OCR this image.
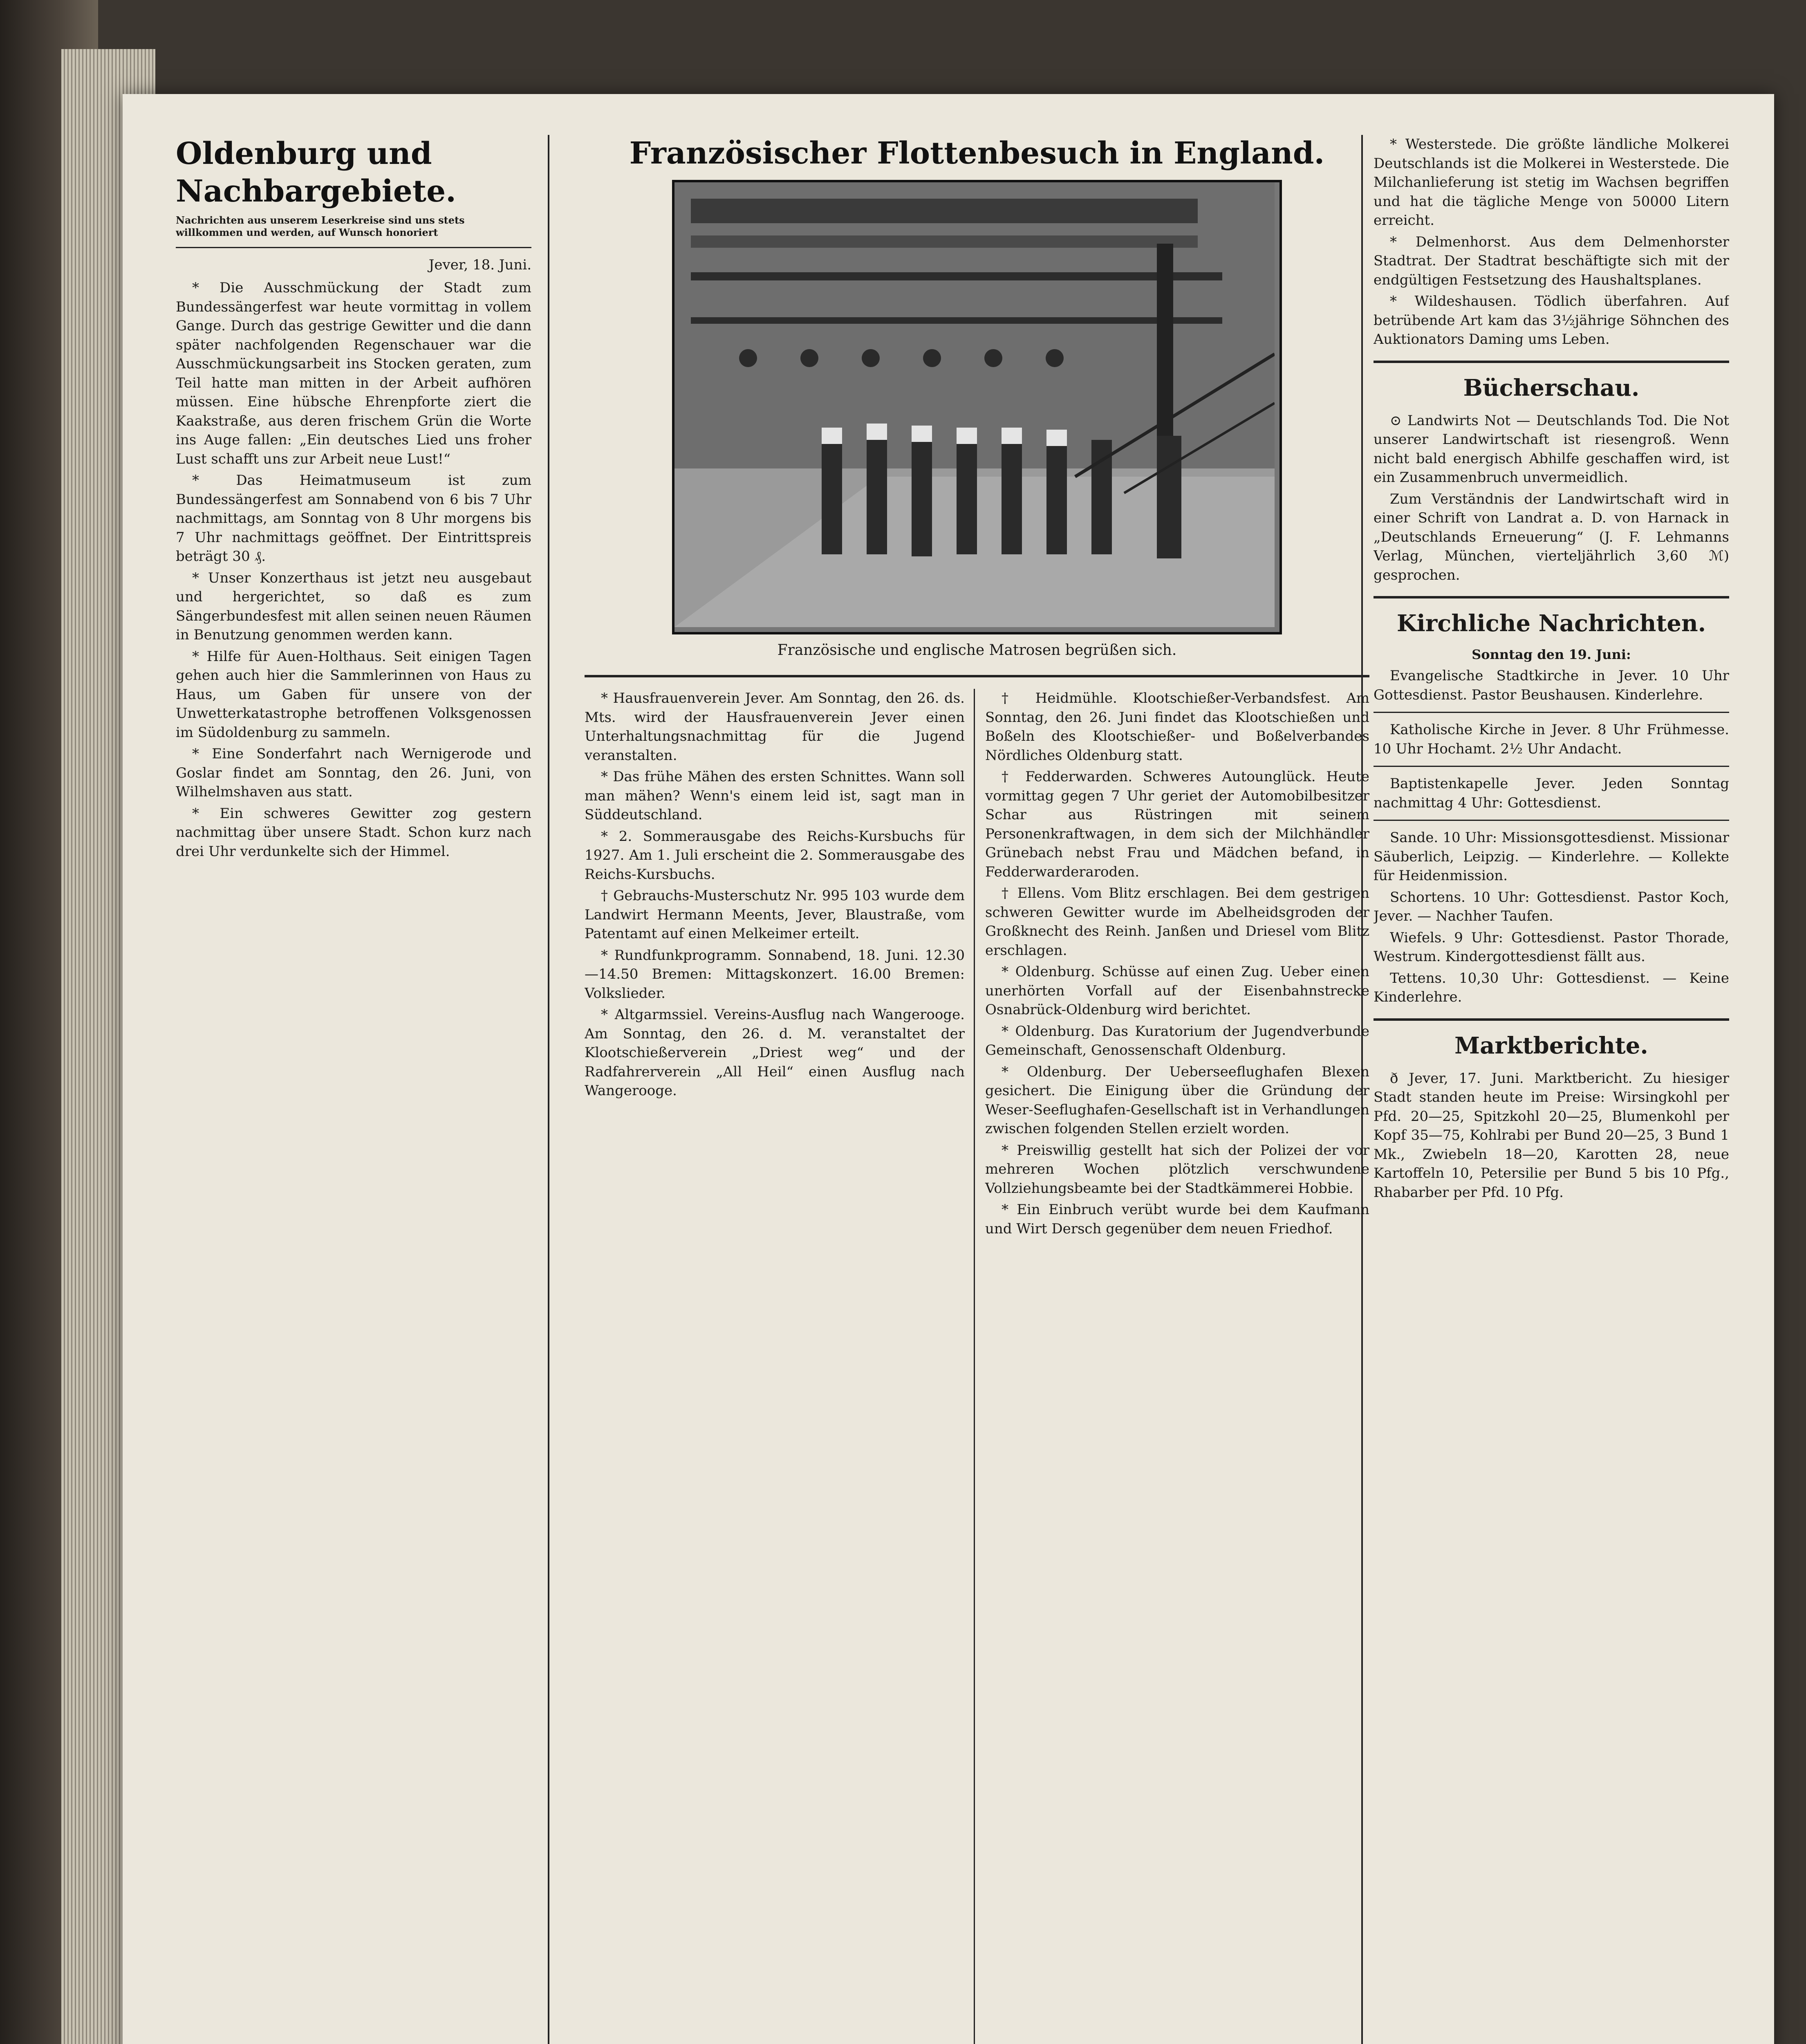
Oldenburg und Nachbargebiete.
Nachrichten aus unserem Leserkreise sind uns stets willkommen und werden, auf Wunsch honoriert
Jever, 18. Juni.

* Die Ausschmückung der Stadt zum Bundessängerfest war heute vormittag in vollem Gange. Durch das gestrige Gewitter und die dann später nachfolgenden Regenschauer war die Ausschmückungsarbeit ins Stocken geraten, zum Teil hatte man mitten in der Arbeit aufhören müssen. Eine hübsche Ehrenpforte ziert die Kaakstraße, aus deren frischem Grün die Worte ins Auge fallen: „Ein deutsches Lied uns froher Lust schafft uns zur Arbeit neue Lust!“

* Das Heimatmuseum ist zum Bundessängerfest am Sonnabend von 6 bis 7 Uhr nachmittags, am Sonntag von 8 Uhr morgens bis 7 Uhr nachmittags geöffnet. Der Eintrittspreis beträgt 30 ₰.

* Unser Konzerthaus ist jetzt neu ausgebaut und hergerichtet, so daß es zum Sängerbundesfest mit allen seinen neuen Räumen in Benutzung genommen werden kann.

* Hilfe für Auen-Holthaus. Seit einigen Tagen gehen auch hier die Sammlerinnen von Haus zu Haus, um Gaben für unsere von der Unwetterkatastrophe betroffenen Volksgenossen im Südoldenburg zu sammeln.

* Eine Sonderfahrt nach Wernigerode und Goslar findet am Sonntag, den 26. Juni, von Wilhelmshaven aus statt.

* Ein schweres Gewitter zog gestern nachmittag über unsere Stadt. Schon kurz nach drei Uhr verdunkelte sich der Himmel.

Französischer Flottenbesuch in England.
Französische und englische Matrosen begrüßen sich.

* Hausfrauenverein Jever. Am Sonntag, den 26. ds. Mts. wird der Hausfrauenverein Jever einen Unterhaltungsnachmittag für die Jugend veranstalten.

* Das frühe Mähen des ersten Schnittes. Wann soll man mähen? Wenn's einem leid ist, sagt man in Süddeutschland.

* 2. Sommerausgabe des Reichs-Kursbuchs für 1927. Am 1. Juli erscheint die 2. Sommerausgabe des Reichs-Kursbuchs.

† Gebrauchs-Musterschutz Nr. 995 103 wurde dem Landwirt Hermann Meents, Jever, Blaustraße, vom Patentamt auf einen Melkeimer erteilt.

* Rundfunkprogramm. Sonnabend, 18. Juni. 12.30—14.50 Bremen: Mittagskonzert. 16.00 Bremen: Volkslieder.

* Altgarmssiel. Vereins-Ausflug nach Wangerooge. Am Sonntag, den 26. d. M. veranstaltet der Klootschießerverein „Driest weg“ und der Radfahrerverein „All Heil“ einen Ausflug nach Wangerooge.

† Heidmühle. Klootschießer-Verbandsfest. Am Sonntag, den 26. Juni findet das Klootschießen und Boßeln des Klootschießer- und Boßelverbandes Nördliches Oldenburg statt.

† Fedderwarden. Schweres Autounglück. Heute vormittag gegen 7 Uhr geriet der Automobilbesitzer Schar aus Rüstringen mit seinem Personenkraftwagen, in dem sich der Milchhändler Grünebach nebst Frau und Mädchen befand, in Fedderwarderaroden.

† Ellens. Vom Blitz erschlagen. Bei dem gestrigen schweren Gewitter wurde im Abelheidsgroden der Großknecht des Reinh. Janßen und Driesel vom Blitz erschlagen.

* Oldenburg. Schüsse auf einen Zug. Ueber einen unerhörten Vorfall auf der Eisenbahnstrecke Osnabrück-Oldenburg wird berichtet.

* Oldenburg. Das Kuratorium der Jugendverbunde Gemeinschaft, Genossenschaft Oldenburg.

* Oldenburg. Der Ueberseeflughafen Blexen gesichert. Die Einigung über die Gründung der Weser-Seeflughafen-Gesellschaft ist in Verhandlungen zwischen folgenden Stellen erzielt worden.

* Preiswillig gestellt hat sich der Polizei der vor mehreren Wochen plötzlich verschwundene Vollziehungsbeamte bei der Stadtkämmerei Hobbie.

* Ein Einbruch verübt wurde bei dem Kaufmann und Wirt Dersch gegenüber dem neuen Friedhof.

* Westerstede. Die größte ländliche Molkerei Deutschlands ist die Molkerei in Westerstede. Die Milchanlieferung ist stetig im Wachsen begriffen und hat die tägliche Menge von 50000 Litern erreicht.

* Delmenhorst. Aus dem Delmenhorster Stadtrat. Der Stadtrat beschäftigte sich mit der endgültigen Festsetzung des Haushaltsplanes.

* Wildeshausen. Tödlich überfahren. Auf betrübende Art kam das 3½jährige Söhnchen des Auktionators Daming ums Leben.

Bücherschau.

⊙ Landwirts Not — Deutschlands Tod. Die Not unserer Landwirtschaft ist riesengroß. Wenn nicht bald energisch Abhilfe geschaffen wird, ist ein Zusammenbruch unvermeidlich.

Zum Verständnis der Landwirtschaft wird in einer Schrift von Landrat a. D. von Harnack in „Deutschlands Erneuerung“ (J. F. Lehmanns Verlag, München, vierteljährlich 3,60 ℳ) gesprochen.

Kirchliche Nachrichten.
Sonntag den 19. Juni:

Evangelische Stadtkirche in Jever. 10 Uhr Gottesdienst. Pastor Beushausen. Kinderlehre.

Katholische Kirche in Jever. 8 Uhr Frühmesse. 10 Uhr Hochamt. 2½ Uhr Andacht.

Baptistenkapelle Jever. Jeden Sonntag nachmittag 4 Uhr: Gottesdienst.

Sande. 10 Uhr: Missionsgottesdienst. Missionar Säuberlich, Leipzig. — Kinderlehre. — Kollekte für Heidenmission.

Schortens. 10 Uhr: Gottesdienst. Pastor Koch, Jever. — Nachher Taufen.

Wiefels. 9 Uhr: Gottesdienst. Pastor Thorade, Westrum. Kindergottesdienst fällt aus.

Tettens. 10,30 Uhr: Gottesdienst. — Keine Kinderlehre.

Marktberichte.

ð Jever, 17. Juni. Marktbericht. Zu hiesiger Stadt standen heute im Preise: Wirsingkohl per Pfd. 20—25, Spitzkohl 20—25, Blumenkohl per Kopf 35—75, Kohlrabi per Bund 20—25, 3 Bund 1 Mk., Zwiebeln 18—20, Karotten 28, neue Kartoffeln 10, Petersilie per Bund 5 bis 10 Pfg., Rhabarber per Pfd. 10 Pfg.
